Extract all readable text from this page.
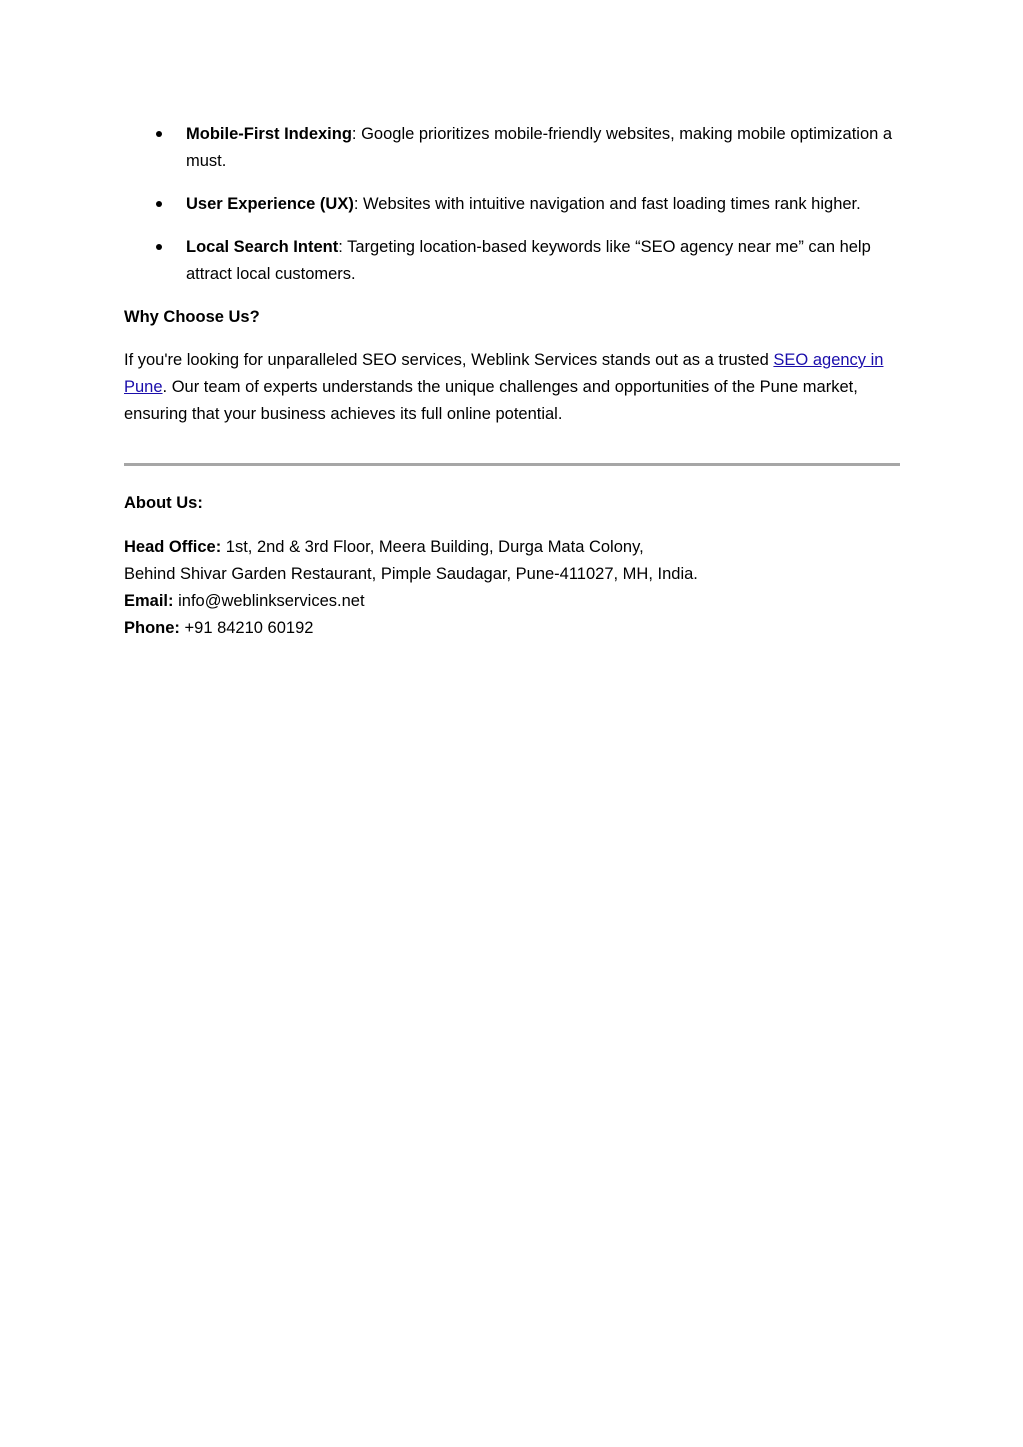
Mobile-First Indexing: Google prioritizes mobile-friendly websites, making mobile optimization a must.
User Experience (UX): Websites with intuitive navigation and fast loading times rank higher.
Local Search Intent: Targeting location-based keywords like “SEO agency near me” can help attract local customers.
Why Choose Us?

If you're looking for unparalleled SEO services, Weblink Services stands out as a trusted SEO agency in Pune. Our team of experts understands the unique challenges and opportunities of the Pune market, ensuring that your business achieves its full online potential.

About Us:
Head Office: 1st, 2nd & 3rd Floor, Meera Building, Durga Mata Colony,
Behind Shivar Garden Restaurant, Pimple Saudagar, Pune-411027, MH, India.
Email: info@weblinkservices.net
Phone: +91 84210 60192
